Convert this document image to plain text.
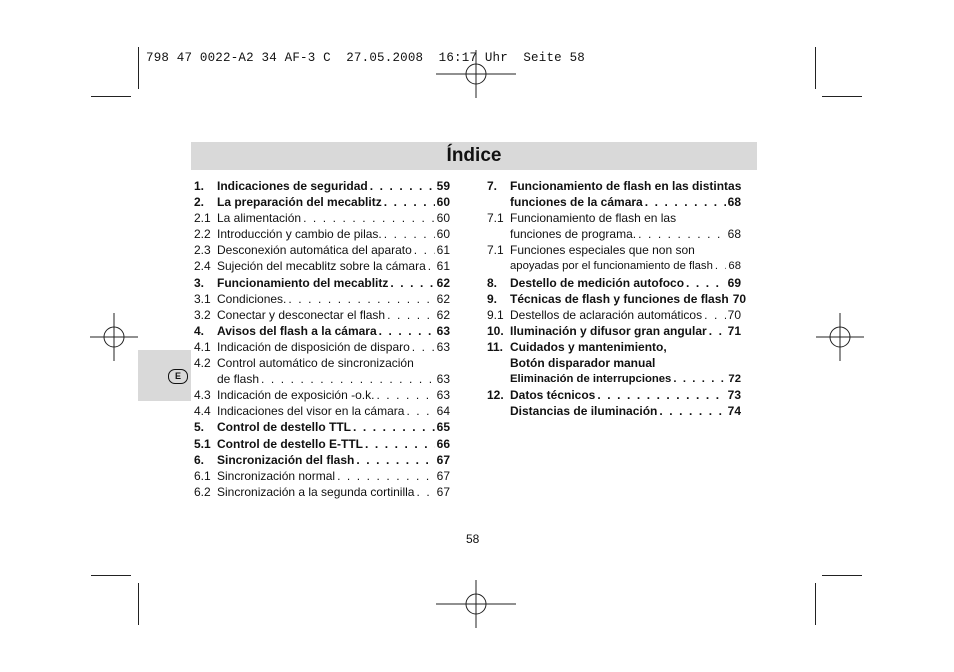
798 47 0022-A2 34 AF-3 C  27.05.2008  16:17 Uhr  Seite 58
Índice
E
1.	Indicaciones de seguridad . . .	59
2.	La preparación del mecablitz . . .	60
2.1 La alimentación . . .	60
2.2 Introducción y cambio de pilas. . . .	60
2.3 Desconexión automática del aparato . . . 61
2.4 Sujeción del mecablitz sobre la cámara . . . 61
3.	Funcionamiento del mecablitz . . .	62
3.1 Condiciones. . . .	62
3.2 Conectar y desconectar el flash . . .	62
4.	Avisos del flash a la cámara . . .	63
4.1 Indicación de disposición de disparo . . . 63
4.2 Control automático de sincronización
de flash . . .	63
4.3 Indicación de exposición -o.k. . . .	63
4.4 Indicaciones del visor en la cámara . . .	64
5.	Control de destello TTL . . .	65
5.1 Control de destello E-TTL . . .	66
6.	Sincronización del flash . . .	67
6.1 Sincronización normal . . .	67
6.2 Sincronización a la segunda cortinilla . . . 67
7.	Funcionamiento de flash en las distintas
funciones de la cámara . . .	68
7.1 Funcionamiento de flash en las
funciones de programa. . . .	68
7.1 Funciones especiales que non son
apoyadas por el funcionamiento de flash . . . 68
8.	Destello de medición autofoco . . .	69
9.	Técnicas de flash y funciones de flash 70
9.1 Destellos de aclaración automáticos . . . 70
10. Iluminación y difusor gran angular . . . 71
11. Cuidados y mantenimiento,
Botón disparador manual
Eliminación de interrupciones . . .	72
12. Datos técnicos . . .	73
Distancias de iluminación . . .	74
58
